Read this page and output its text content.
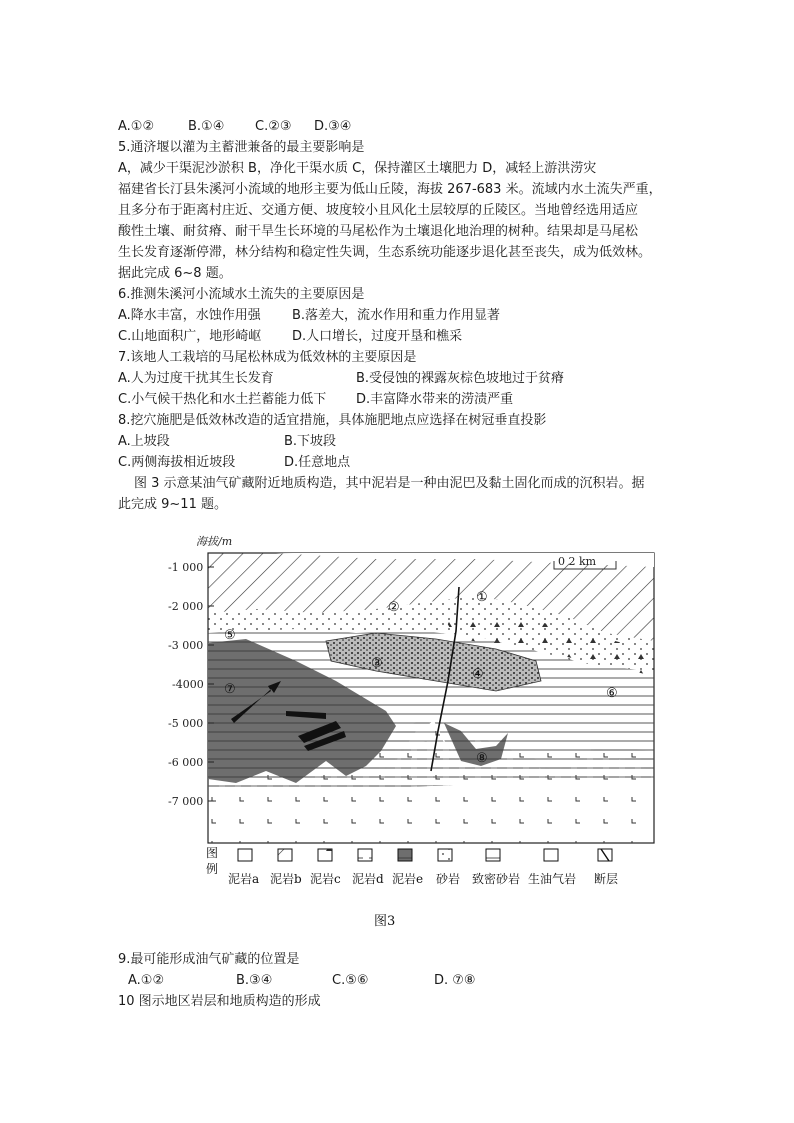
A.①②	B.①④ C.②③ D.③④
5.通济堰以灌为主蓄泄兼备的最主要影响是
A，减少干渠泥沙淤积 B，净化干渠水质 C，保持灌区土壤肥力 D，减轻上游洪涝灾
福建省长汀县朱溪河小流域的地形主要为低山丘陵，海拔 267-683 米。流域内水土流失严重，
且多分布于距离村庄近、交通方便、坡度较小且风化土层较厚的丘陵区。当地曾经选用适应
酸性土壤、耐贫瘠、耐干旱生长环境的马尾松作为土壤退化地治理的树种。结果却是马尾松
生长发育逐渐停滞，林分结构和稳定性失调，生态系统功能逐步退化甚至丧失，成为低效林。
据此完成 6~8 题。
6.推测朱溪河小流域水土流失的主要原因是
A.降水丰富，水蚀作用强 B.落差大，流水作用和重力作用显著
C.山地面积广，地形崎岖 D.人口增长，过度开垦和樵采
7.该地人工栽培的马尾松林成为低效林的主要原因是
A.人为过度干扰其生长发育	B.受侵蚀的裸露灰棕色坡地过于贫瘠
C.小气候干热化和水土拦蓄能力低下 D.丰富降水带来的涝渍严重
8.挖穴施肥是低效林改造的适宜措施，具体施肥地点应选择在树冠垂直投影
A.上坡段	B.下坡段
C.两侧海拔相近坡段	D.任意地点
图 3 示意某油气矿藏附近地质构造，其中泥岩是一种由泥巴及黏土固化而成的沉积岩。据
此完成 9~11 题。
0 2 km
海拔/m
-1 000
-2 000
-3 000
-4000
-5 000
-6 000
-7 000
①
②
③
④
⑤
⑥
⑦
⑧
图
例
泥岩a 泥岩b 泥岩c 泥岩d 泥岩e 砂岩 致密砂岩 生油气岩 断层
图3
9.最可能形成油气矿藏的位置是
A.①②	B.③④	C.⑤⑥	D. ⑦⑧
10 图示地区岩层和地质构造的形成
